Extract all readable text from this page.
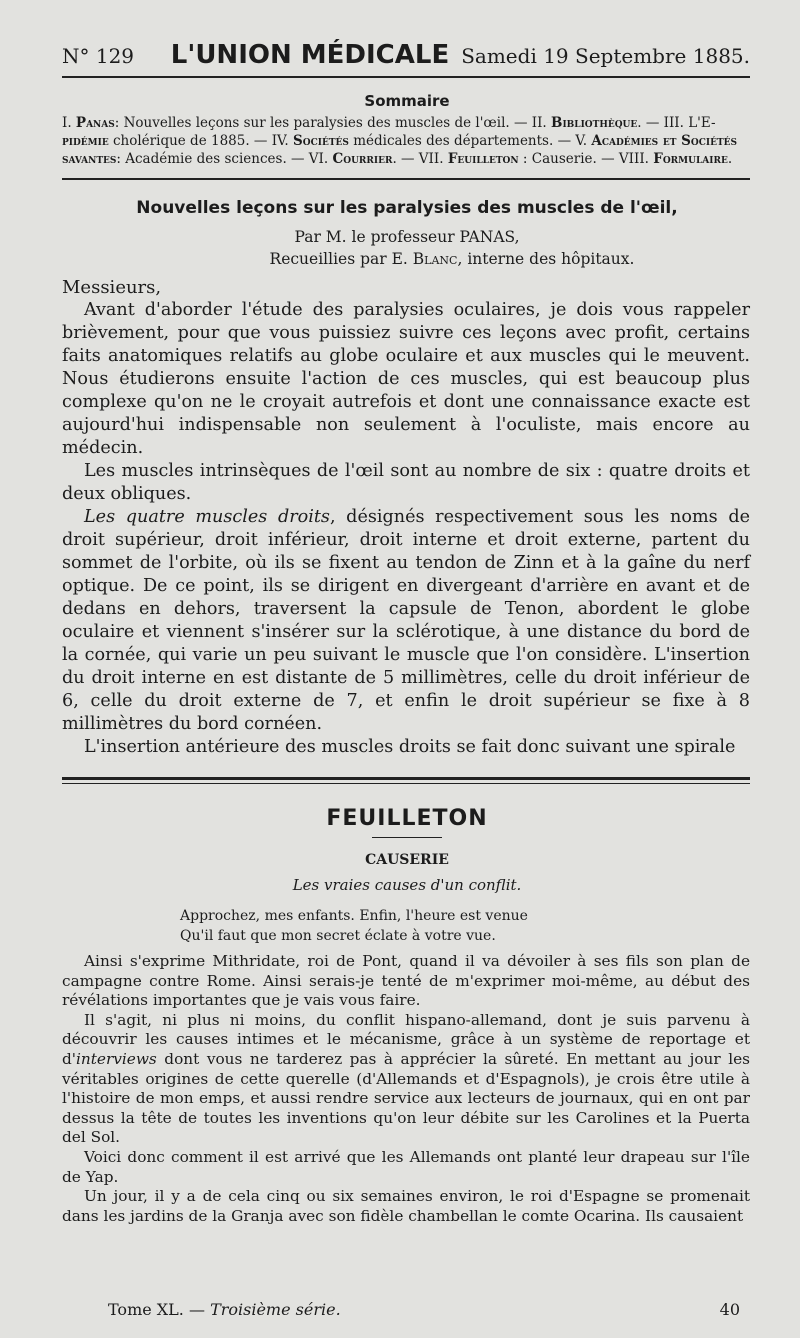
N° 129 L'UNION MÉDICALE Samedi 19 Septembre 1885.
Sommaire
I. Panas: Nouvelles leçons sur les paralysies des muscles de l'œil. — II. Bibliothèque. — III. L'E- pidémie cholérique de 1885. — IV. Sociétés médicales des départements. — V. Académies et Sociétés savantes: Académie des sciences. — VI. Courrier. — VII. Feuilleton : Causerie. — VIII. Formulaire.
Nouvelles leçons sur les paralysies des muscles de l'œil,
Par M. le professeur PANAS,
Recueillies par E. Blanc, interne des hôpitaux.

Messieurs,

Avant d'aborder l'étude des paralysies oculaires, je dois vous rappeler brièvement, pour que vous puissiez suivre ces leçons avec profit, certains faits anatomiques relatifs au globe oculaire et aux muscles qui le meuvent. Nous étudierons ensuite l'action de ces muscles, qui est beaucoup plus complexe qu'on ne le croyait autrefois et dont une connaissance exacte est aujourd'hui indispensable non seulement à l'oculiste, mais encore au médecin.

Les muscles intrinsèques de l'œil sont au nombre de six : quatre droits et deux obliques.

Les quatre muscles droits, désignés respectivement sous les noms de droit supérieur, droit inférieur, droit interne et droit externe, partent du sommet de l'orbite, où ils se fixent au tendon de Zinn et à la gaîne du nerf optique. De ce point, ils se dirigent en divergeant d'arrière en avant et de dedans en dehors, traversent la capsule de Tenon, abordent le globe oculaire et viennent s'insérer sur la sclérotique, à une distance du bord de la cornée, qui varie un peu suivant le muscle que l'on considère. L'insertion du droit interne en est distante de 5 millimètres, celle du droit inférieur de 6, celle du droit externe de 7, et enfin le droit supérieur se fixe à 8 millimètres du bord cornéen.

L'insertion antérieure des muscles droits se fait donc suivant une spirale

FEUILLETON
CAUSERIE
Les vraies causes d'un conflit.
Approchez, mes enfants. Enfin, l'heure est venue
Qu'il faut que mon secret éclate à votre vue.

Ainsi s'exprime Mithridate, roi de Pont, quand il va dévoiler à ses fils son plan de campagne contre Rome. Ainsi serais-je tenté de m'exprimer moi-même, au début des révélations importantes que je vais vous faire.

Il s'agit, ni plus ni moins, du conflit hispano-allemand, dont je suis parvenu à découvrir les causes intimes et le mécanisme, grâce à un système de reportage et d'interviews dont vous ne tarderez pas à apprécier la sûreté. En mettant au jour les véritables origines de cette querelle (d'Allemands et d'Espagnols), je crois être utile à l'histoire de mon emps, et aussi rendre service aux lecteurs de journaux, qui en ont par dessus la tête de toutes les inventions qu'on leur débite sur les Carolines et la Puerta del Sol.

Voici donc comment il est arrivé que les Allemands ont planté leur drapeau sur l'île de Yap.

Un jour, il y a de cela cinq ou six semaines environ, le roi d'Espagne se promenait dans les jardins de la Granja avec son fidèle chambellan le comte Ocarina. Ils causaient

Tome XL. — Troisième série.	40
